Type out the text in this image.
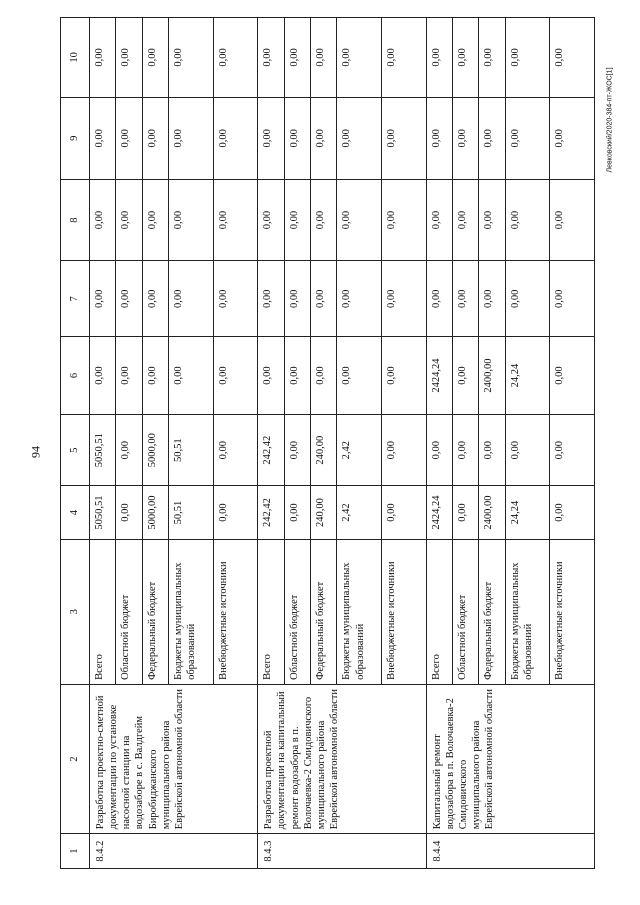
94
Левковский/2020-384-пт-ЖОС[1]
1	2	3	4	5	6	7	8	9	10
8.4.2	Разработка проектно-сметной документации по установке насосной станции на водозаборе в с. Валдгейм Биробиджанского муниципального района Еврейской автономной области	Всего	5050,51	5050,51	0,00	0,00	0,00	0,00	0,00
		Областной бюджет	0,00	0,00	0,00	0,00	0,00	0,00	0,00
		Федеральный бюджет	5000,00	5000,00	0,00	0,00	0,00	0,00	0,00
		Бюджеты муниципальных образований	50,51	50,51	0,00	0,00	0,00	0,00	0,00
		Внебюджетные источники	0,00	0,00	0,00	0,00	0,00	0,00	0,00
8.4.3	Разработка проектной документации на капитальный ремонт водозабора в п. Волочаевка-2 Смидовичского муниципального района Еврейской автономной области	Всего	242,42	242,42	0,00	0,00	0,00	0,00	0,00
		Областной бюджет	0,00	0,00	0,00	0,00	0,00	0,00	0,00
		Федеральный бюджет	240,00	240,00	0,00	0,00	0,00	0,00	0,00
		Бюджеты муниципальных образований	2,42	2,42	0,00	0,00	0,00	0,00	0,00
		Внебюджетные источники	0,00	0,00	0,00	0,00	0,00	0,00	0,00
8.4.4	Капитальный ремонт водозабора в п. Волочаевка-2 Смидовичского муниципального района Еврейской автономной области	Всего	2424,24	0,00	2424,24	0,00	0,00	0,00	0,00
		Областной бюджет	0,00	0,00	0,00	0,00	0,00	0,00	0,00
		Федеральный бюджет	2400,00	0,00	2400,00	0,00	0,00	0,00	0,00
		Бюджеты муниципальных образований	24,24	0,00	24,24	0,00	0,00	0,00	0,00
		Внебюджетные источники	0,00	0,00	0,00	0,00	0,00	0,00	0,00
